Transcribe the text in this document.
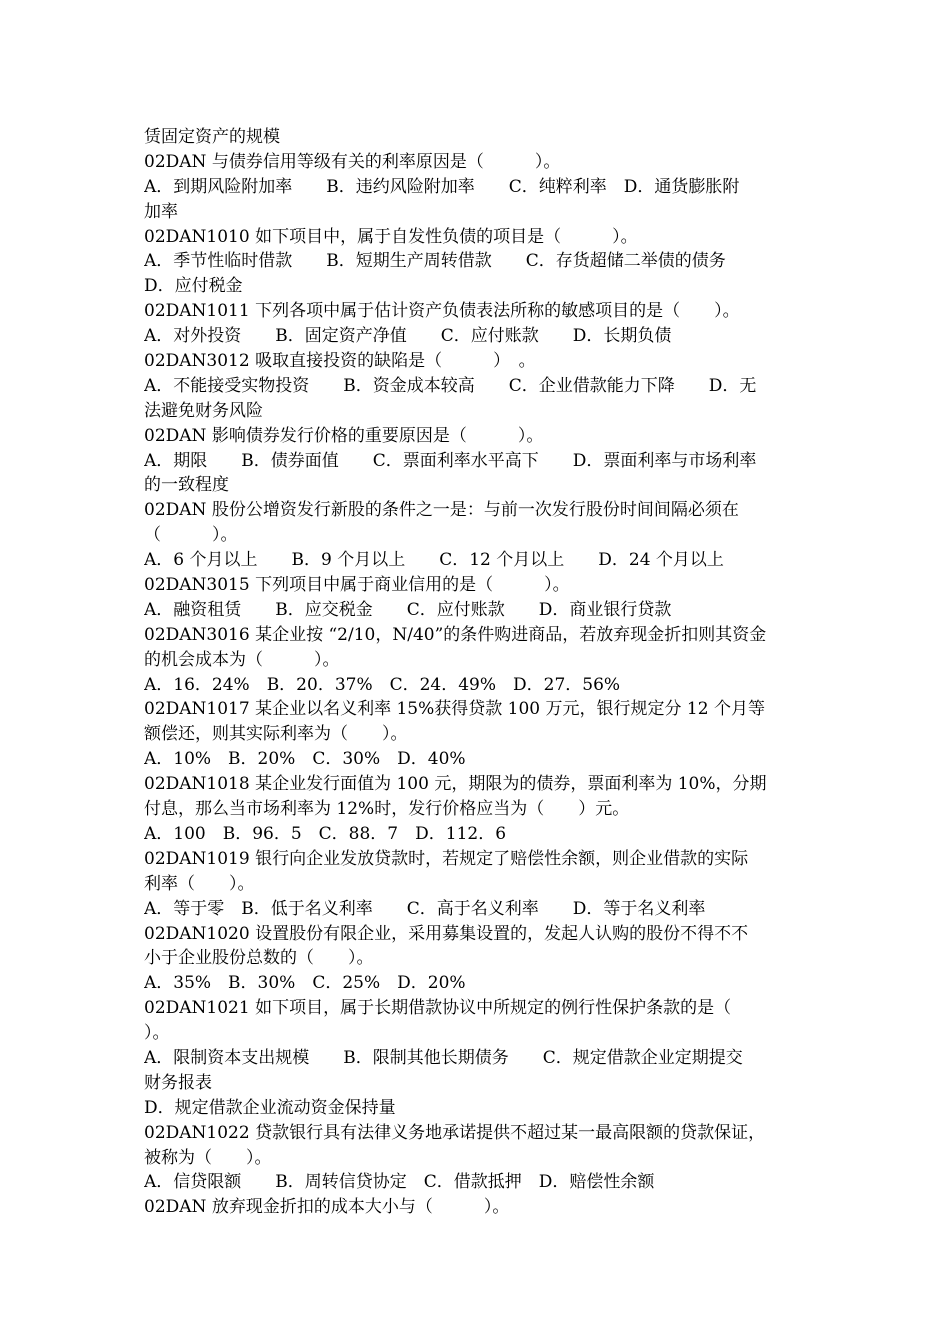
赁固定资产的规模
02DAN 与债券信用等级有关的利率原因是（　　　）。
A．到期风险附加率　　B．违约风险附加率　　C．纯粹利率　D．通货膨胀附
加率
02DAN1010 如下项目中，属于自发性负债的项目是（　　　）。
A．季节性临时借款　　B．短期生产周转借款　　C．存货超储二举债的债务
D．应付税金
02DAN1011 下列各项中属于估计资产负债表法所称的敏感项目的是（　　）。
A．对外投资　　B．固定资产净值　　C．应付账款　　D．长期负债
02DAN3012 吸取直接投资的缺陷是（　　　）　。
A．不能接受实物投资　　B．资金成本较高　　C．企业借款能力下降　　D．无
法避免财务风险
02DAN 影响债券发行价格的重要原因是（　　　）。
A．期限　　B．债券面值　　C．票面利率水平高下　　D．票面利率与市场利率
的一致程度
02DAN 股份公增资发行新股的条件之一是：与前一次发行股份时间间隔必须在
（　　　）。
A．6 个月以上　　B．9 个月以上　　C．12 个月以上　　D．24 个月以上
02DAN3015 下列项目中属于商业信用的是（　　　）。
A．融资租赁　　B．应交税金　　C．应付账款　　D．商业银行贷款
02DAN3016 某企业按 “2/10，N/40”的条件购进商品，若放弃现金折扣则其资金
的机会成本为（　　　）。
A．16．24%　B．20．37%　C．24．49%　D．27．56%
02DAN1017 某企业以名义利率 15%获得贷款 100 万元，银行规定分 12 个月等
额偿还，则其实际利率为（　　）。
A．10%　B．20%　C．30%　D．40%
02DAN1018 某企业发行面值为 100 元，期限为的债券，票面利率为 10%，分期
付息，那么当市场利率为 12%时，发行价格应当为（　　）元。
A．100　B．96．5　C．88．7　D．112．6
02DAN1019 银行向企业发放贷款时，若规定了赔偿性余额，则企业借款的实际
利率（　　）。
A．等于零　B．低于名义利率　　C．高于名义利率　　D．等于名义利率
02DAN1020 设置股份有限企业，采用募集设置的，发起人认购的股份不得不不
小于企业股份总数的（　　）。
A．35%　B．30%　C．25%　D．20%
02DAN1021 如下项目，属于长期借款协议中所规定的例行性保护条款的是（
）。
A．限制资本支出规模　　B．限制其他长期债务　　C．规定借款企业定期提交
财务报表
D．规定借款企业流动资金保持量
02DAN1022 贷款银行具有法律义务地承诺提供不超过某一最高限额的贷款保证，
被称为（　　）。
A．信贷限额　　B．周转信贷协定　C．借款抵押　D．赔偿性余额
02DAN 放弃现金折扣的成本大小与（　　　）。
